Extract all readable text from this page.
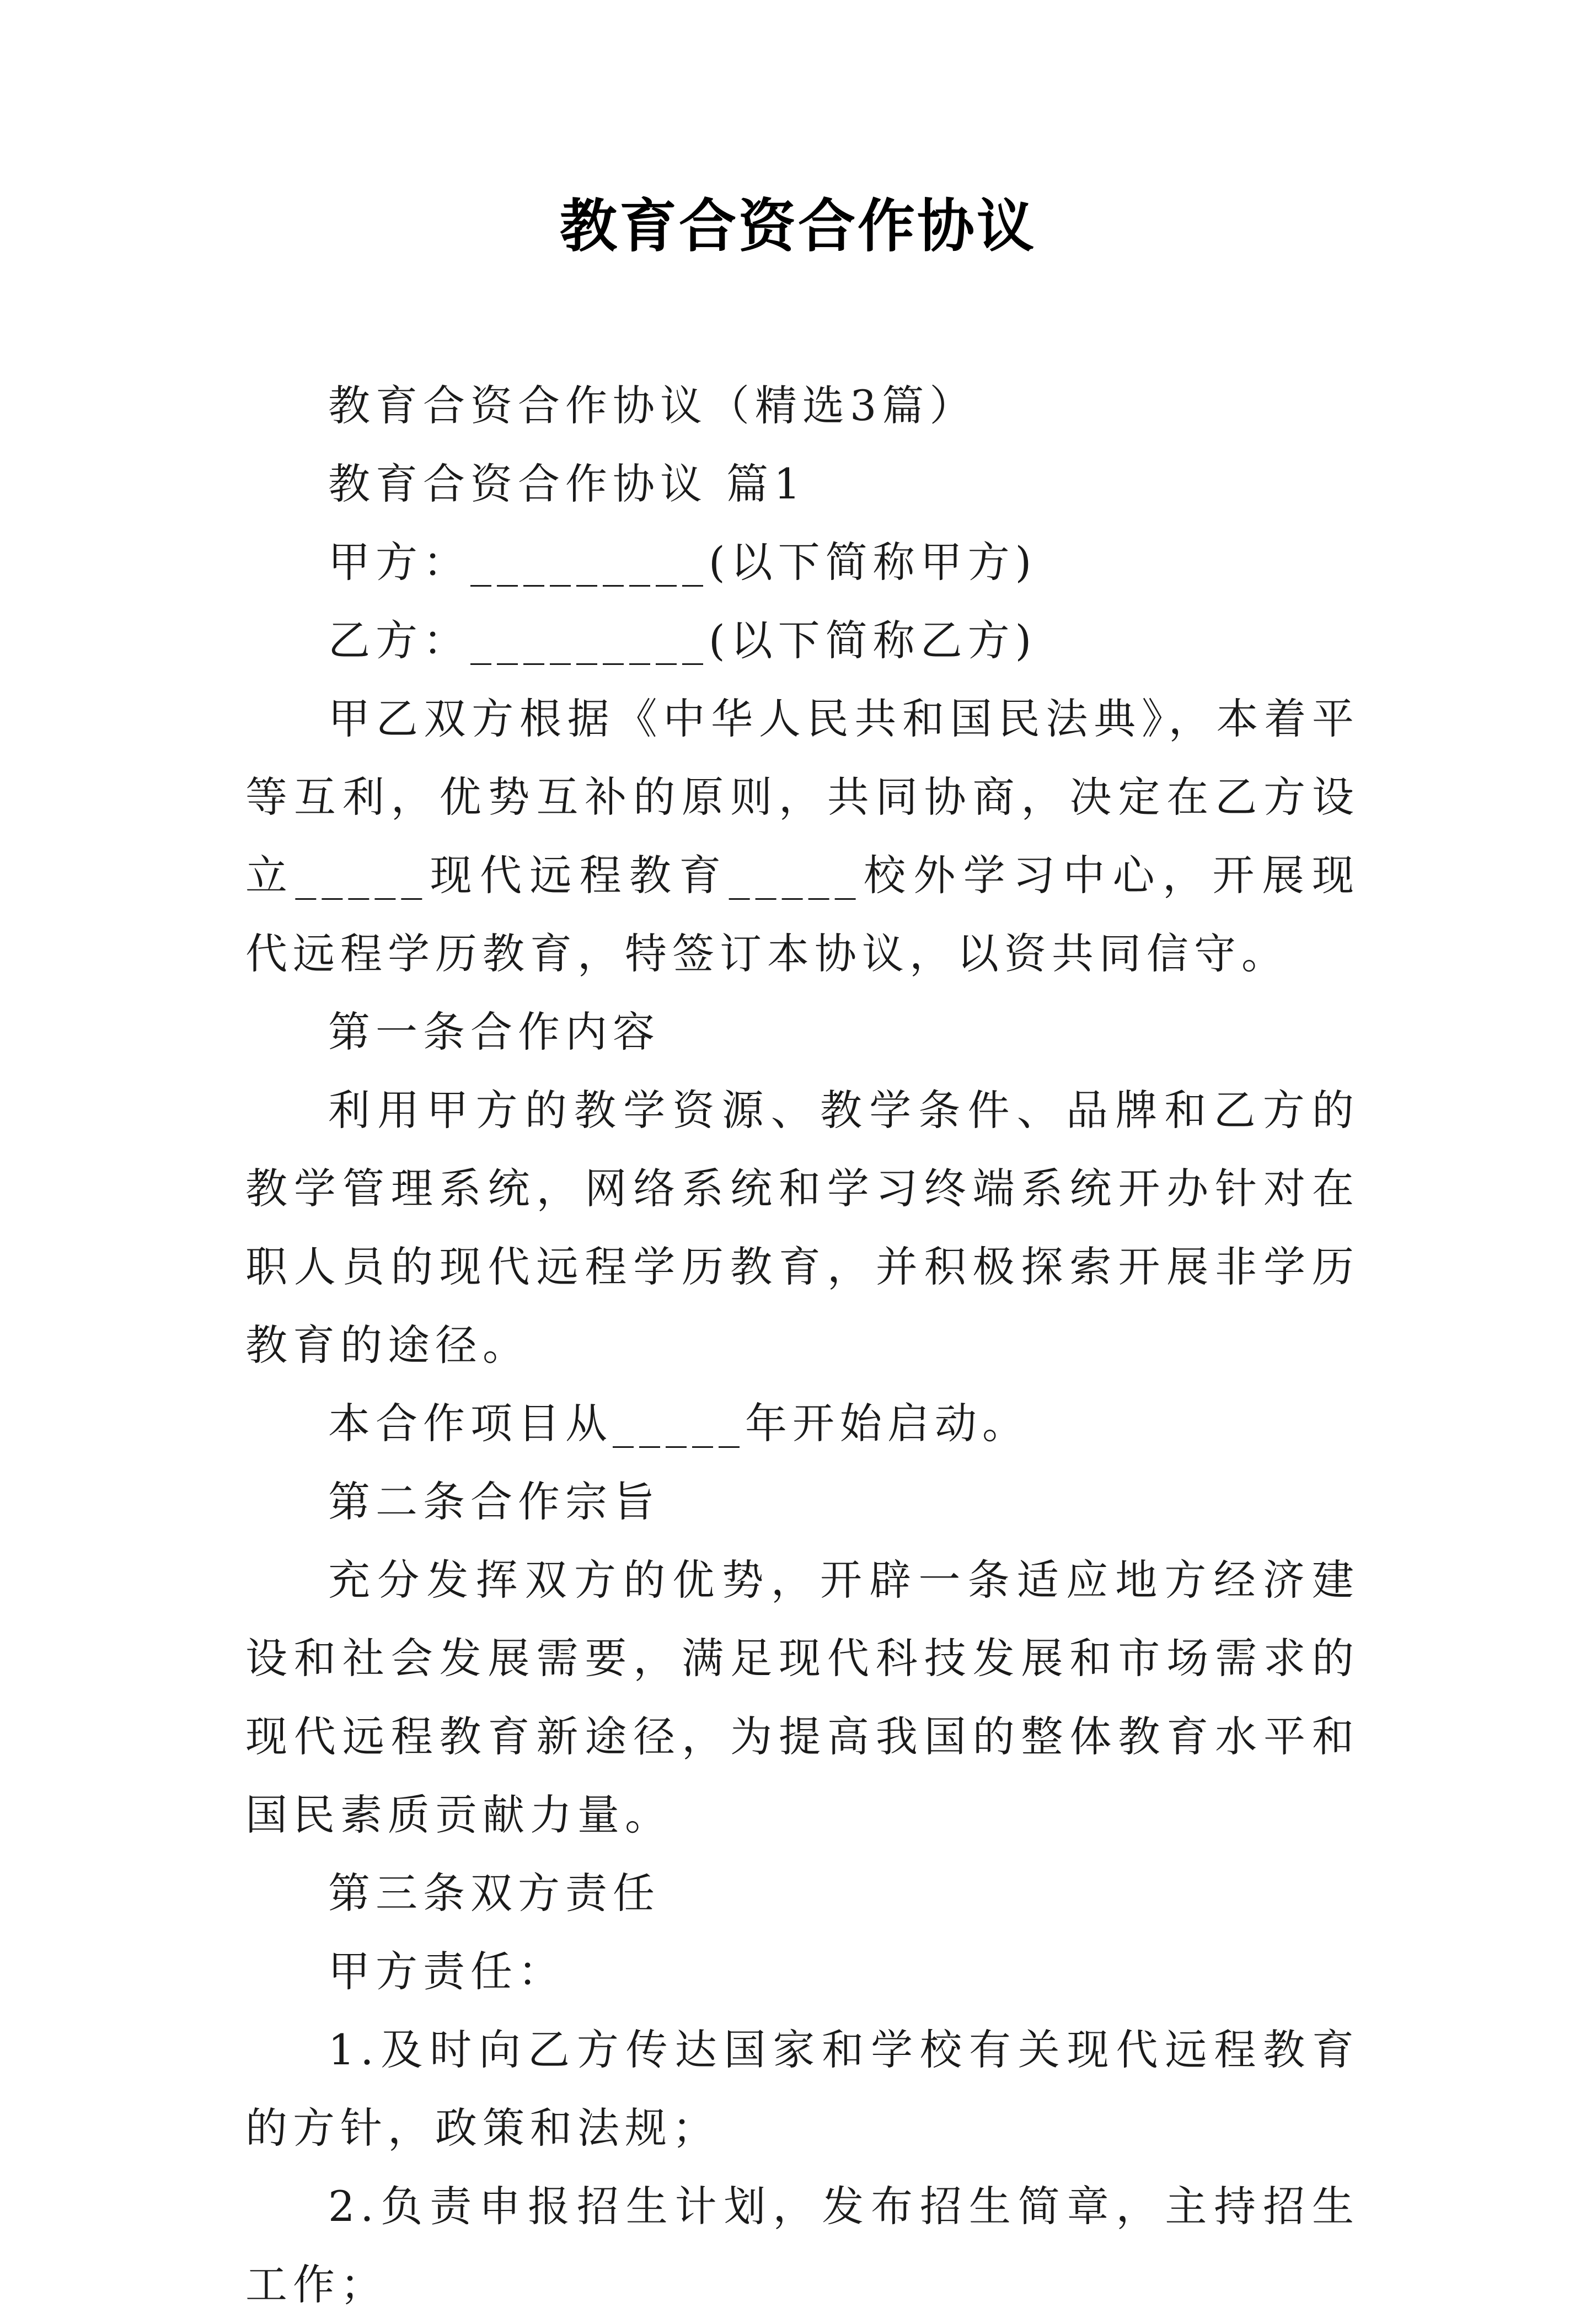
教育合资合作协议

教育合资合作协议（精选3篇）

教育合资合作协议 篇1

甲方：_________(以下简称甲方)

乙方：_________(以下简称乙方)

甲乙双方根据《中华人民共和国民法典》，本着平等互利，优势互补的原则，共同协商，决定在乙方设立_____现代远程教育_____校外学习中心，开展现代远程学历教育，特签订本协议，以资共同信守。

第一条合作内容

利用甲方的教学资源、教学条件、品牌和乙方的教学管理系统，网络系统和学习终端系统开办针对在职人员的现代远程学历教育，并积极探索开展非学历教育的途径。

本合作项目从_____年开始启动。

第二条合作宗旨

充分发挥双方的优势，开辟一条适应地方经济建设和社会发展需要，满足现代科技发展和市场需求的现代远程教育新途径，为提高我国的整体教育水平和国民素质贡献力量。

第三条双方责任

甲方责任：

1.及时向乙方传达国家和学校有关现代远程教育的方针，政策和法规；

2.负责申报招生计划，发布招生简章，主持招生工作；
